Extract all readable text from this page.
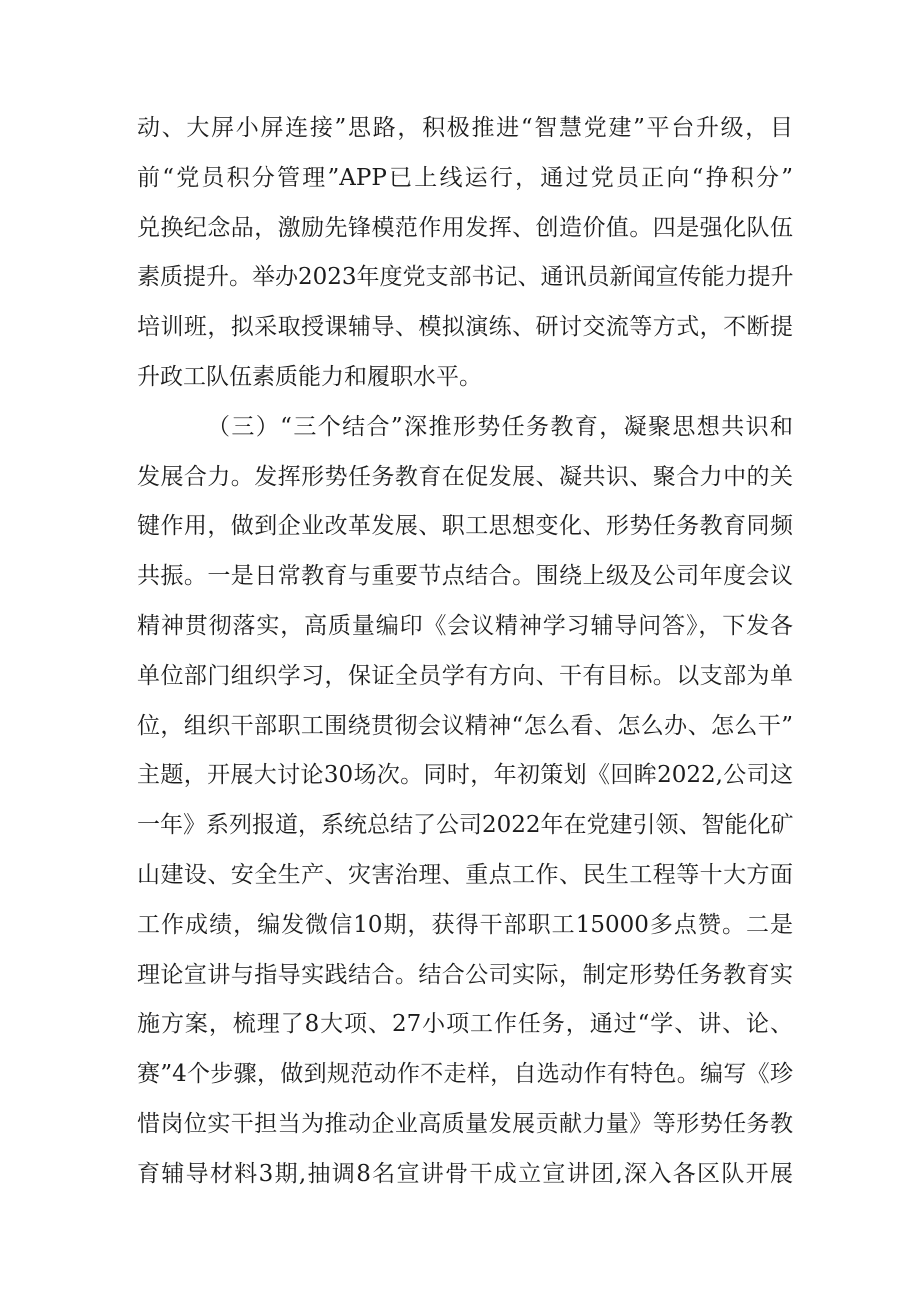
动、大屏小屏连接”思路，积极推进“智慧党建”平台升级，目
前“党员积分管理”APP已上线运行，通过党员正向“挣积分”
兑换纪念品，激励先锋模范作用发挥、创造价值。四是强化队伍
素质提升。举办2023年度党支部书记、通讯员新闻宣传能力提升
培训班，拟采取授课辅导、模拟演练、研讨交流等方式，不断提
升政工队伍素质能力和履职水平。
（三）“三个结合”深推形势任务教育，凝聚思想共识和
发展合力。发挥形势任务教育在促发展、凝共识、聚合力中的关
键作用，做到企业改革发展、职工思想变化、形势任务教育同频
共振。一是日常教育与重要节点结合。围绕上级及公司年度会议
精神贯彻落实，高质量编印《会议精神学习辅导问答》，下发各
单位部门组织学习，保证全员学有方向、干有目标。以支部为单
位，组织干部职工围绕贯彻会议精神“怎么看、怎么办、怎么干”
主题，开展大讨论30场次。同时，年初策划《回眸2022,公司这
一年》系列报道，系统总结了公司2022年在党建引领、智能化矿
山建设、安全生产、灾害治理、重点工作、民生工程等十大方面
工作成绩，编发微信10期，获得干部职工15000多点赞。二是
理论宣讲与指导实践结合。结合公司实际，制定形势任务教育实
施方案，梳理了8大项、27小项工作任务，通过“学、讲、论、
赛”4个步骤，做到规范动作不走样，自选动作有特色。编写《珍
惜岗位实干担当为推动企业高质量发展贡献力量》等形势任务教
育辅导材料3期,抽调8名宣讲骨干成立宣讲团,深入各区队开展
